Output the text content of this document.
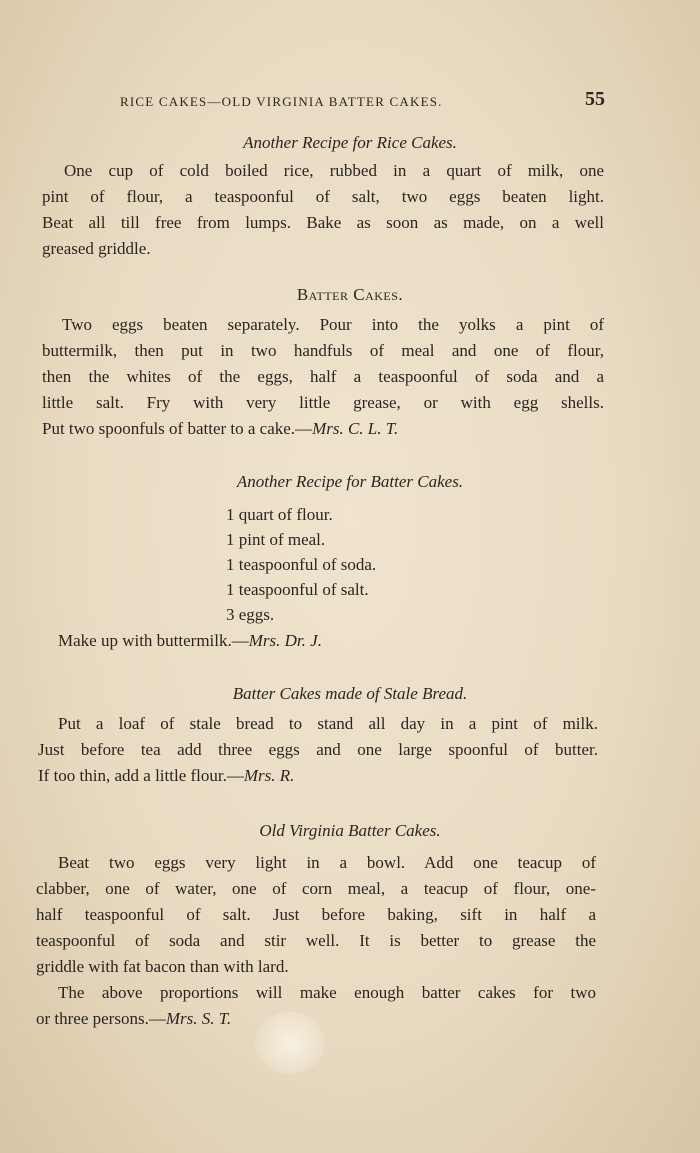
RICE CAKES—OLD VIRGINIA BATTER CAKES.	55
Another Recipe for Rice Cakes.
One cup of cold boiled rice, rubbed in a quart of milk, one
pint of flour, a teaspoonful of salt, two eggs beaten light.
Beat all till free from lumps. Bake as soon as made, on a well
greased griddle.
Batter Cakes.
Two eggs beaten separately. Pour into the yolks a pint of
buttermilk, then put in two handfuls of meal and one of flour,
then the whites of the eggs, half a teaspoonful of soda and a
little salt. Fry with very little grease, or with egg shells.
Put two spoonfuls of batter to a cake.—Mrs. C. L. T.
Another Recipe for Batter Cakes.
1 quart of flour.
1 pint of meal.
1 teaspoonful of soda.
1 teaspoonful of salt.
3 eggs.
Make up with buttermilk.—Mrs. Dr. J.
Batter Cakes made of Stale Bread.
Put a loaf of stale bread to stand all day in a pint of milk.
Just before tea add three eggs and one large spoonful of butter.
If too thin, add a little flour.—Mrs. R.
Old Virginia Batter Cakes.
Beat two eggs very light in a bowl. Add one teacup of
clabber, one of water, one of corn meal, a teacup of flour, one-
half teaspoonful of salt. Just before baking, sift in half a
teaspoonful of soda and stir well. It is better to grease the
griddle with fat bacon than with lard.
The above proportions will make enough batter cakes for two
or three persons.—Mrs. S. T.
